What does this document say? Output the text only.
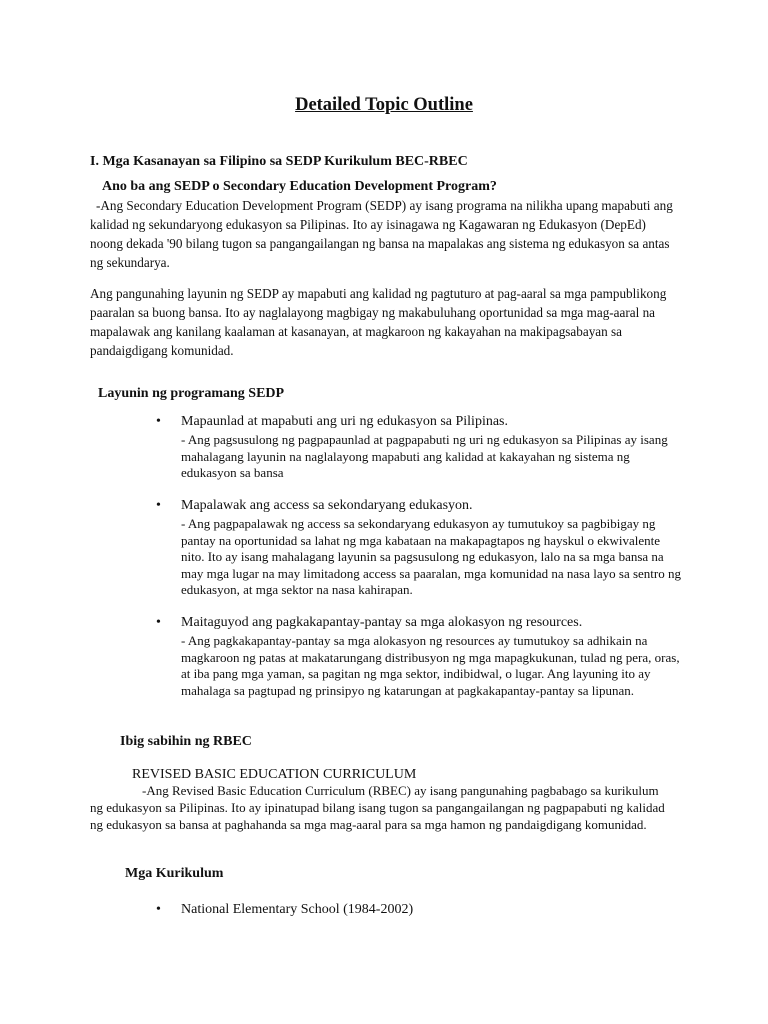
Detailed Topic Outline
I. Mga Kasanayan sa Filipino sa SEDP Kurikulum BEC-RBEC
Ano ba ang SEDP o Secondary Education Development Program?

-Ang Secondary Education Development Program (SEDP) ay isang programa na nilikha upang mapabuti ang kalidad ng sekundaryong edukasyon sa Pilipinas. Ito ay isinagawa ng Kagawaran ng Edukasyon (DepEd) noong dekada '90 bilang tugon sa pangangailangan ng bansa na mapalakas ang sistema ng edukasyon sa antas ng sekundarya.

Ang pangunahing layunin ng SEDP ay mapabuti ang kalidad ng pagtuturo at pag-aaral sa mga pampublikong paaralan sa buong bansa. Ito ay naglalayong magbigay ng makabuluhang oportunidad sa mga mag-aaral na mapalawak ang kanilang kaalaman at kasanayan, at magkaroon ng kakayahan na makipagsabayan sa pandaigdigang komunidad.

Layunin ng programang SEDP
• Mapaunlad at mapabuti ang uri ng edukasyon sa Pilipinas.
- Ang pagsusulong ng pagpapaunlad at pagpapabuti ng uri ng edukasyon sa Pilipinas ay isang mahalagang layunin na naglalayong mapabuti ang kalidad at kakayahan ng sistema ng edukasyon sa bansa
• Mapalawak ang access sa sekondaryang edukasyon.
- Ang pagpapalawak ng access sa sekondaryang edukasyon ay tumutukoy sa pagbibigay ng pantay na oportunidad sa lahat ng mga kabataan na makapagtapos ng hayskul o ekwivalente nito. Ito ay isang mahalagang layunin sa pagsusulong ng edukasyon, lalo na sa mga bansa na may mga lugar na may limitadong access sa paaralan, mga komunidad na nasa layo sa sentro ng edukasyon, at mga sektor na nasa kahirapan.
• Maitaguyod ang pagkakapantay-pantay sa mga alokasyon ng resources.
- Ang pagkakapantay-pantay sa mga alokasyon ng resources ay tumutukoy sa adhikain na magkaroon ng patas at makatarungang distribusyon ng mga mapagkukunan, tulad ng pera, oras, at iba pang mga yaman, sa pagitan ng mga sektor, indibidwal, o lugar. Ang layuning ito ay mahalaga sa pagtupad ng prinsipyo ng katarungan at pagkakapantay-pantay sa lipunan.
Ibig sabihin ng RBEC
REVISED BASIC EDUCATION CURRICULUM

-Ang Revised Basic Education Curriculum (RBEC) ay isang pangunahing pagbabago sa kurikulum ng edukasyon sa Pilipinas. Ito ay ipinatupad bilang isang tugon sa pangangailangan ng pagpapabuti ng kalidad ng edukasyon sa bansa at paghahanda sa mga mag-aaral para sa mga hamon ng pandaigdigang komunidad.

Mga Kurikulum
• National Elementary School (1984-2002)
